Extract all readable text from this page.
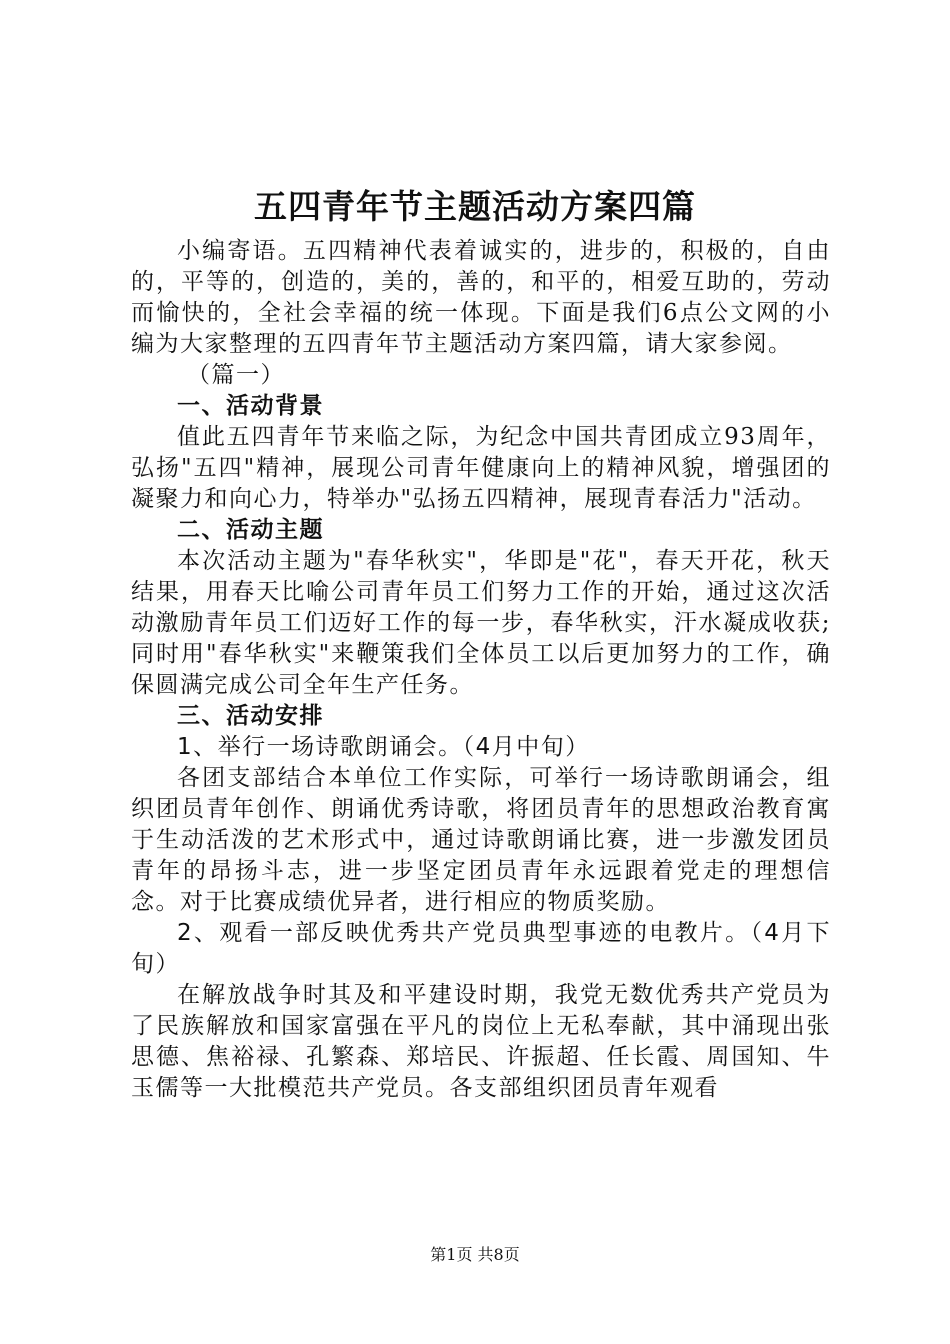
五四青年节主题活动方案四篇

小编寄语。五四精神代表着诚实的，进步的，积极的，自由的，平等的，创造的，美的，善的，和平的，相爱互助的，劳动而愉快的，全社会幸福的统一体现。下面是我们6点公文网的小编为大家整理的五四青年节主题活动方案四篇，请大家参阅。

（篇一）

一、活动背景

值此五四青年节来临之际，为纪念中国共青团成立93周年，弘扬"五四"精神，展现公司青年健康向上的精神风貌，增强团的凝聚力和向心力，特举办"弘扬五四精神，展现青春活力"活动。

二、活动主题

本次活动主题为"春华秋实"，华即是"花"，春天开花，秋天结果，用春天比喻公司青年员工们努力工作的开始，通过这次活动激励青年员工们迈好工作的每一步，春华秋实，汗水凝成收获;同时用"春华秋实"来鞭策我们全体员工以后更加努力的工作，确保圆满完成公司全年生产任务。

三、活动安排

1、举行一场诗歌朗诵会。（4月中旬）

各团支部结合本单位工作实际，可举行一场诗歌朗诵会，组织团员青年创作、朗诵优秀诗歌，将团员青年的思想政治教育寓于生动活泼的艺术形式中，通过诗歌朗诵比赛，进一步激发团员青年的昂扬斗志，进一步坚定团员青年永远跟着党走的理想信念。对于比赛成绩优异者，进行相应的物质奖励。

2、观看一部反映优秀共产党员典型事迹的电教片。（4月下旬）

在解放战争时其及和平建设时期，我党无数优秀共产党员为了民族解放和国家富强在平凡的岗位上无私奉献，其中涌现出张思德、焦裕禄、孔繁森、郑培民、许振超、任长霞、周国知、牛玉儒等一大批模范共产党员。各支部组织团员青年观看

第1页 共8页
